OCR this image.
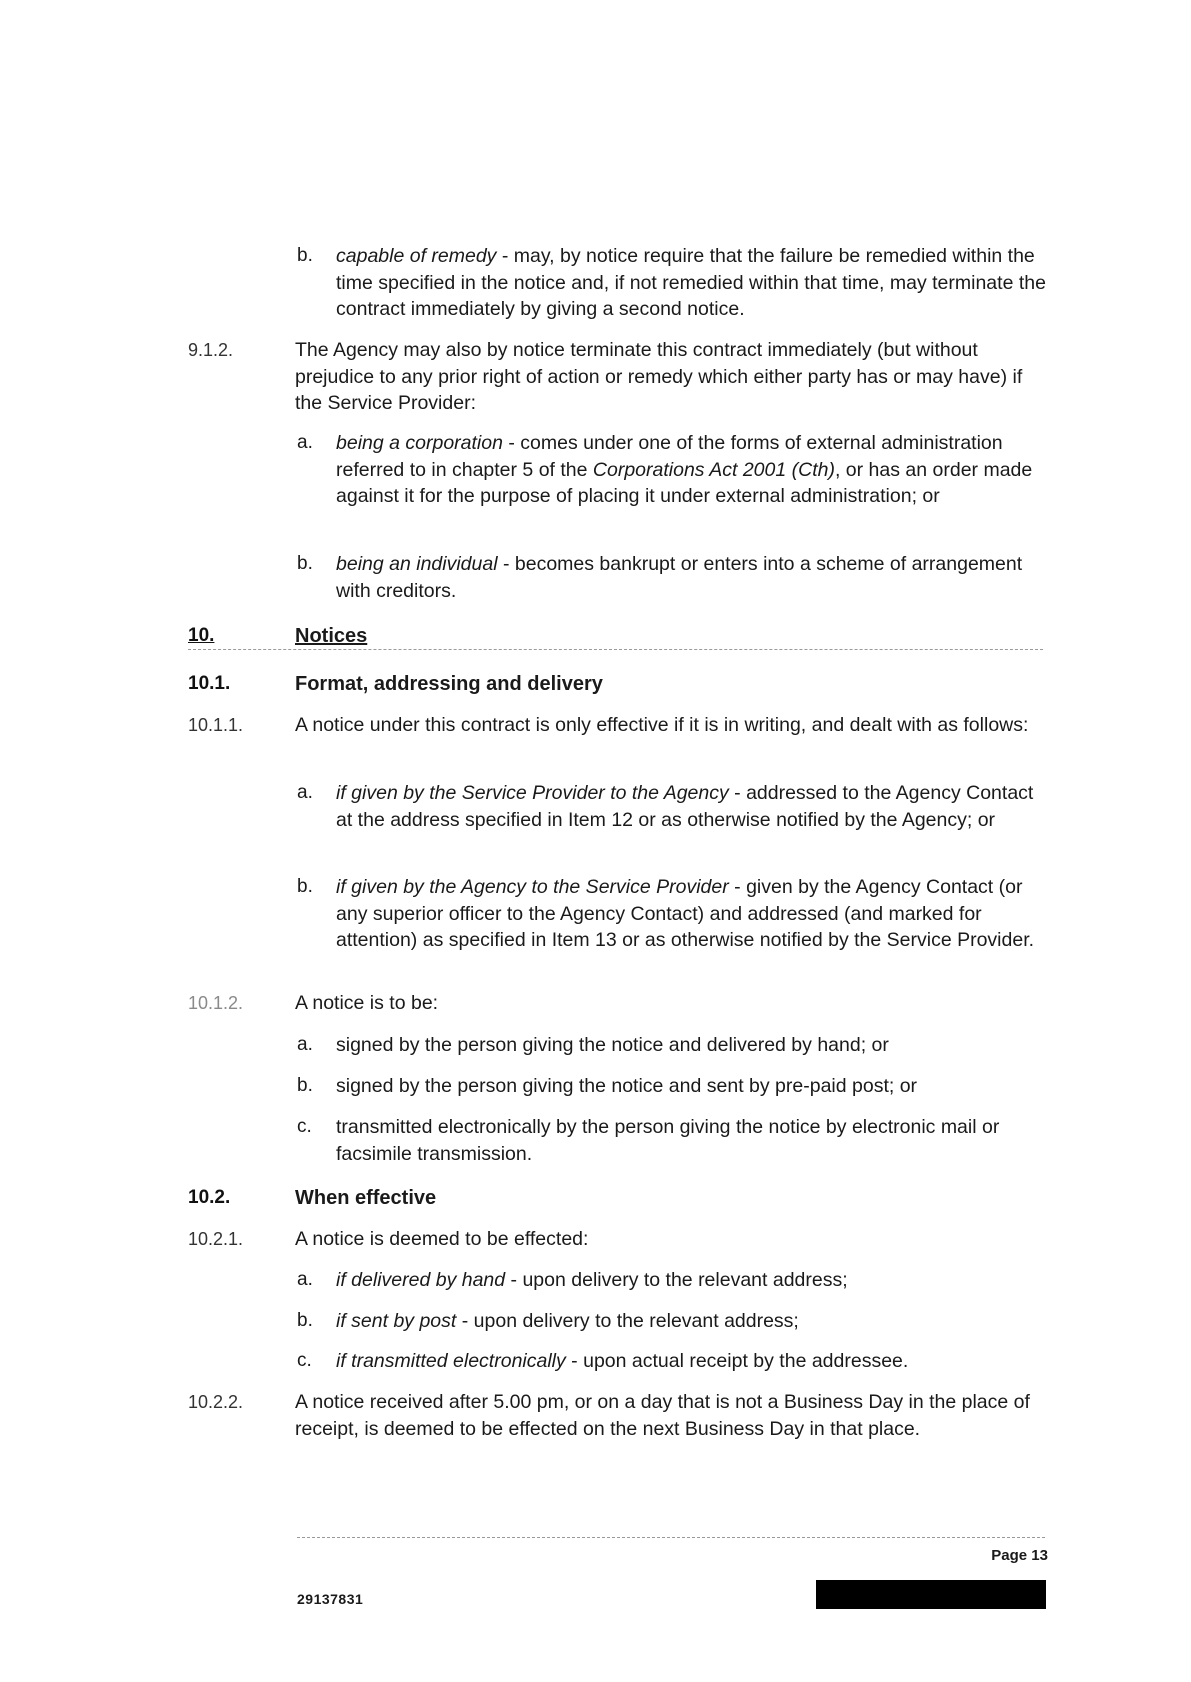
b. capable of remedy - may, by notice require that the failure be remedied within the time specified in the notice and, if not remedied within that time, may terminate the contract immediately by giving a second notice.
9.1.2.	The Agency may also by notice terminate this contract immediately (but without prejudice to any prior right of action or remedy which either party has or may have) if the Service Provider:
a. being a corporation - comes under one of the forms of external administration referred to in chapter 5 of the Corporations Act 2001 (Cth), or has an order made against it for the purpose of placing it under external administration; or
b. being an individual - becomes bankrupt or enters into a scheme of arrangement with creditors.
10.	Notices
10.1.	Format, addressing and delivery
10.1.1.	A notice under this contract is only effective if it is in writing, and dealt with as follows:
a. if given by the Service Provider to the Agency - addressed to the Agency Contact at the address specified in Item 12 or as otherwise notified by the Agency; or
b. if given by the Agency to the Service Provider - given by the Agency Contact (or any superior officer to the Agency Contact) and addressed (and marked for attention) as specified in Item 13 or as otherwise notified by the Service Provider.
10.1.2.	A notice is to be:
a. signed by the person giving the notice and delivered by hand; or
b. signed by the person giving the notice and sent by pre-paid post; or
c. transmitted electronically by the person giving the notice by electronic mail or facsimile transmission.
10.2.	When effective
10.2.1.	A notice is deemed to be effected:
a. if delivered by hand - upon delivery to the relevant address;
b. if sent by post - upon delivery to the relevant address;
c. if transmitted electronically - upon actual receipt by the addressee.
10.2.2.	A notice received after 5.00 pm, or on a day that is not a Business Day in the place of receipt, is deemed to be effected on the next Business Day in that place.
Page 13
29137831
